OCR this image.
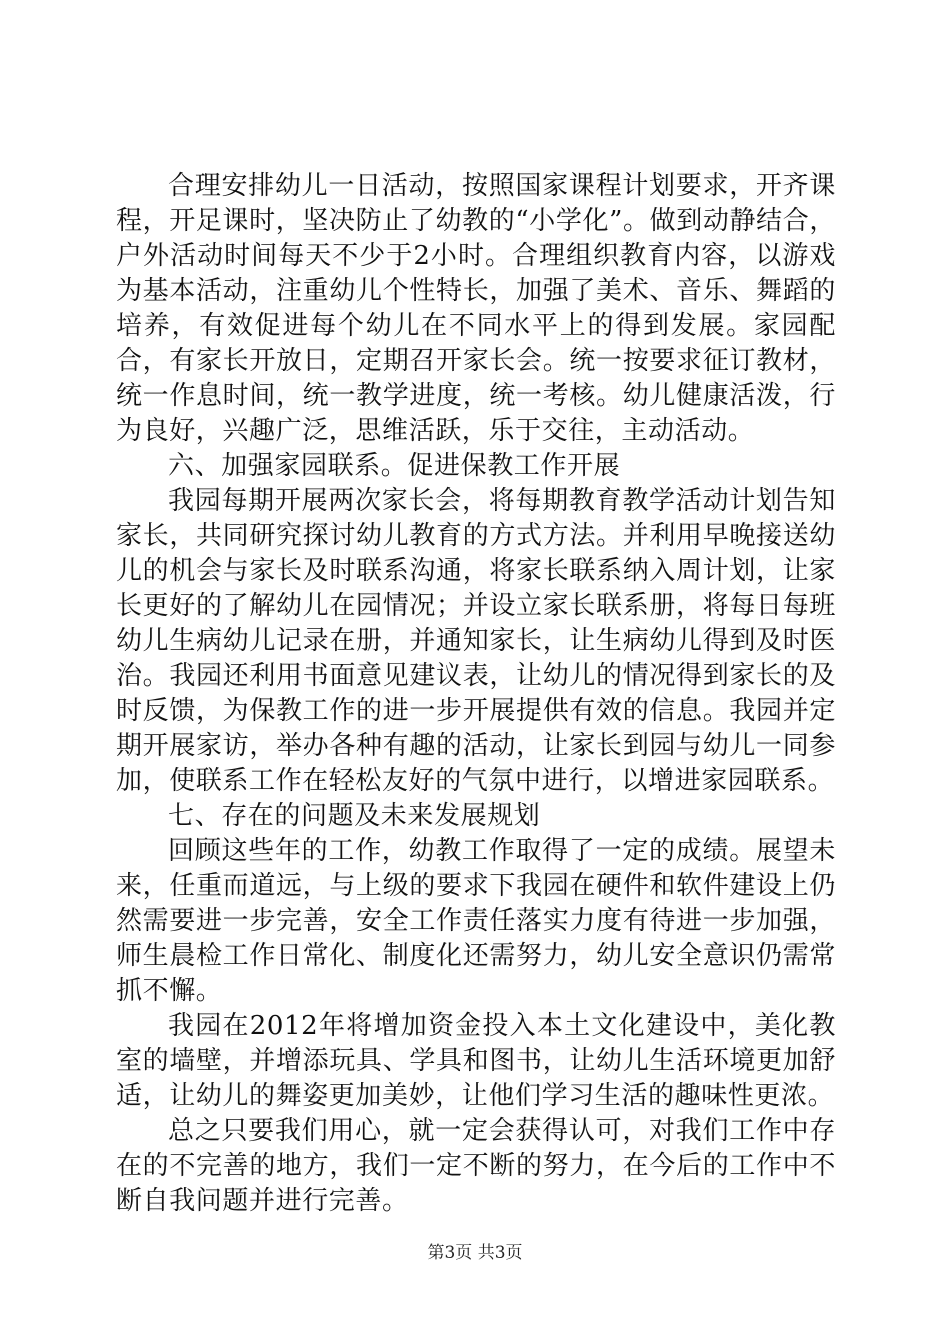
合理安排幼儿一日活动，按照国家课程计划要求，开齐课程，开足课时，坚决防止了幼教的“小学化”。做到动静结合，户外活动时间每天不少于2小时。合理组织教育内容，以游戏为基本活动，注重幼儿个性特长，加强了美术、音乐、舞蹈的培养，有效促进每个幼儿在不同水平上的得到发展。家园配合，有家长开放日，定期召开家长会。统一按要求征订教材，统一作息时间，统一教学进度，统一考核。幼儿健康活泼，行为良好，兴趣广泛，思维活跃，乐于交往，主动活动。

六、加强家园联系。促进保教工作开展

我园每期开展两次家长会，将每期教育教学活动计划告知家长，共同研究探讨幼儿教育的方式方法。并利用早晚接送幼儿的机会与家长及时联系沟通，将家长联系纳入周计划，让家长更好的了解幼儿在园情况；并设立家长联系册，将每日每班幼儿生病幼儿记录在册，并通知家长，让生病幼儿得到及时医治。我园还利用书面意见建议表，让幼儿的情况得到家长的及时反馈，为保教工作的进一步开展提供有效的信息。我园并定期开展家访，举办各种有趣的活动，让家长到园与幼儿一同参加，使联系工作在轻松友好的气氛中进行，以增进家园联系。

七、存在的问题及未来发展规划

回顾这些年的工作，幼教工作取得了一定的成绩。展望未来，任重而道远，与上级的要求下我园在硬件和软件建设上仍然需要进一步完善，安全工作责任落实力度有待进一步加强，师生晨检工作日常化、制度化还需努力，幼儿安全意识仍需常抓不懈。

我园在2012年将增加资金投入本土文化建设中，美化教室的墙壁，并增添玩具、学具和图书，让幼儿生活环境更加舒适，让幼儿的舞姿更加美妙，让他们学习生活的趣味性更浓。

总之只要我们用心，就一定会获得认可，对我们工作中存在的不完善的地方，我们一定不断的努力，在今后的工作中不断自我问题并进行完善。

第3页 共3页
